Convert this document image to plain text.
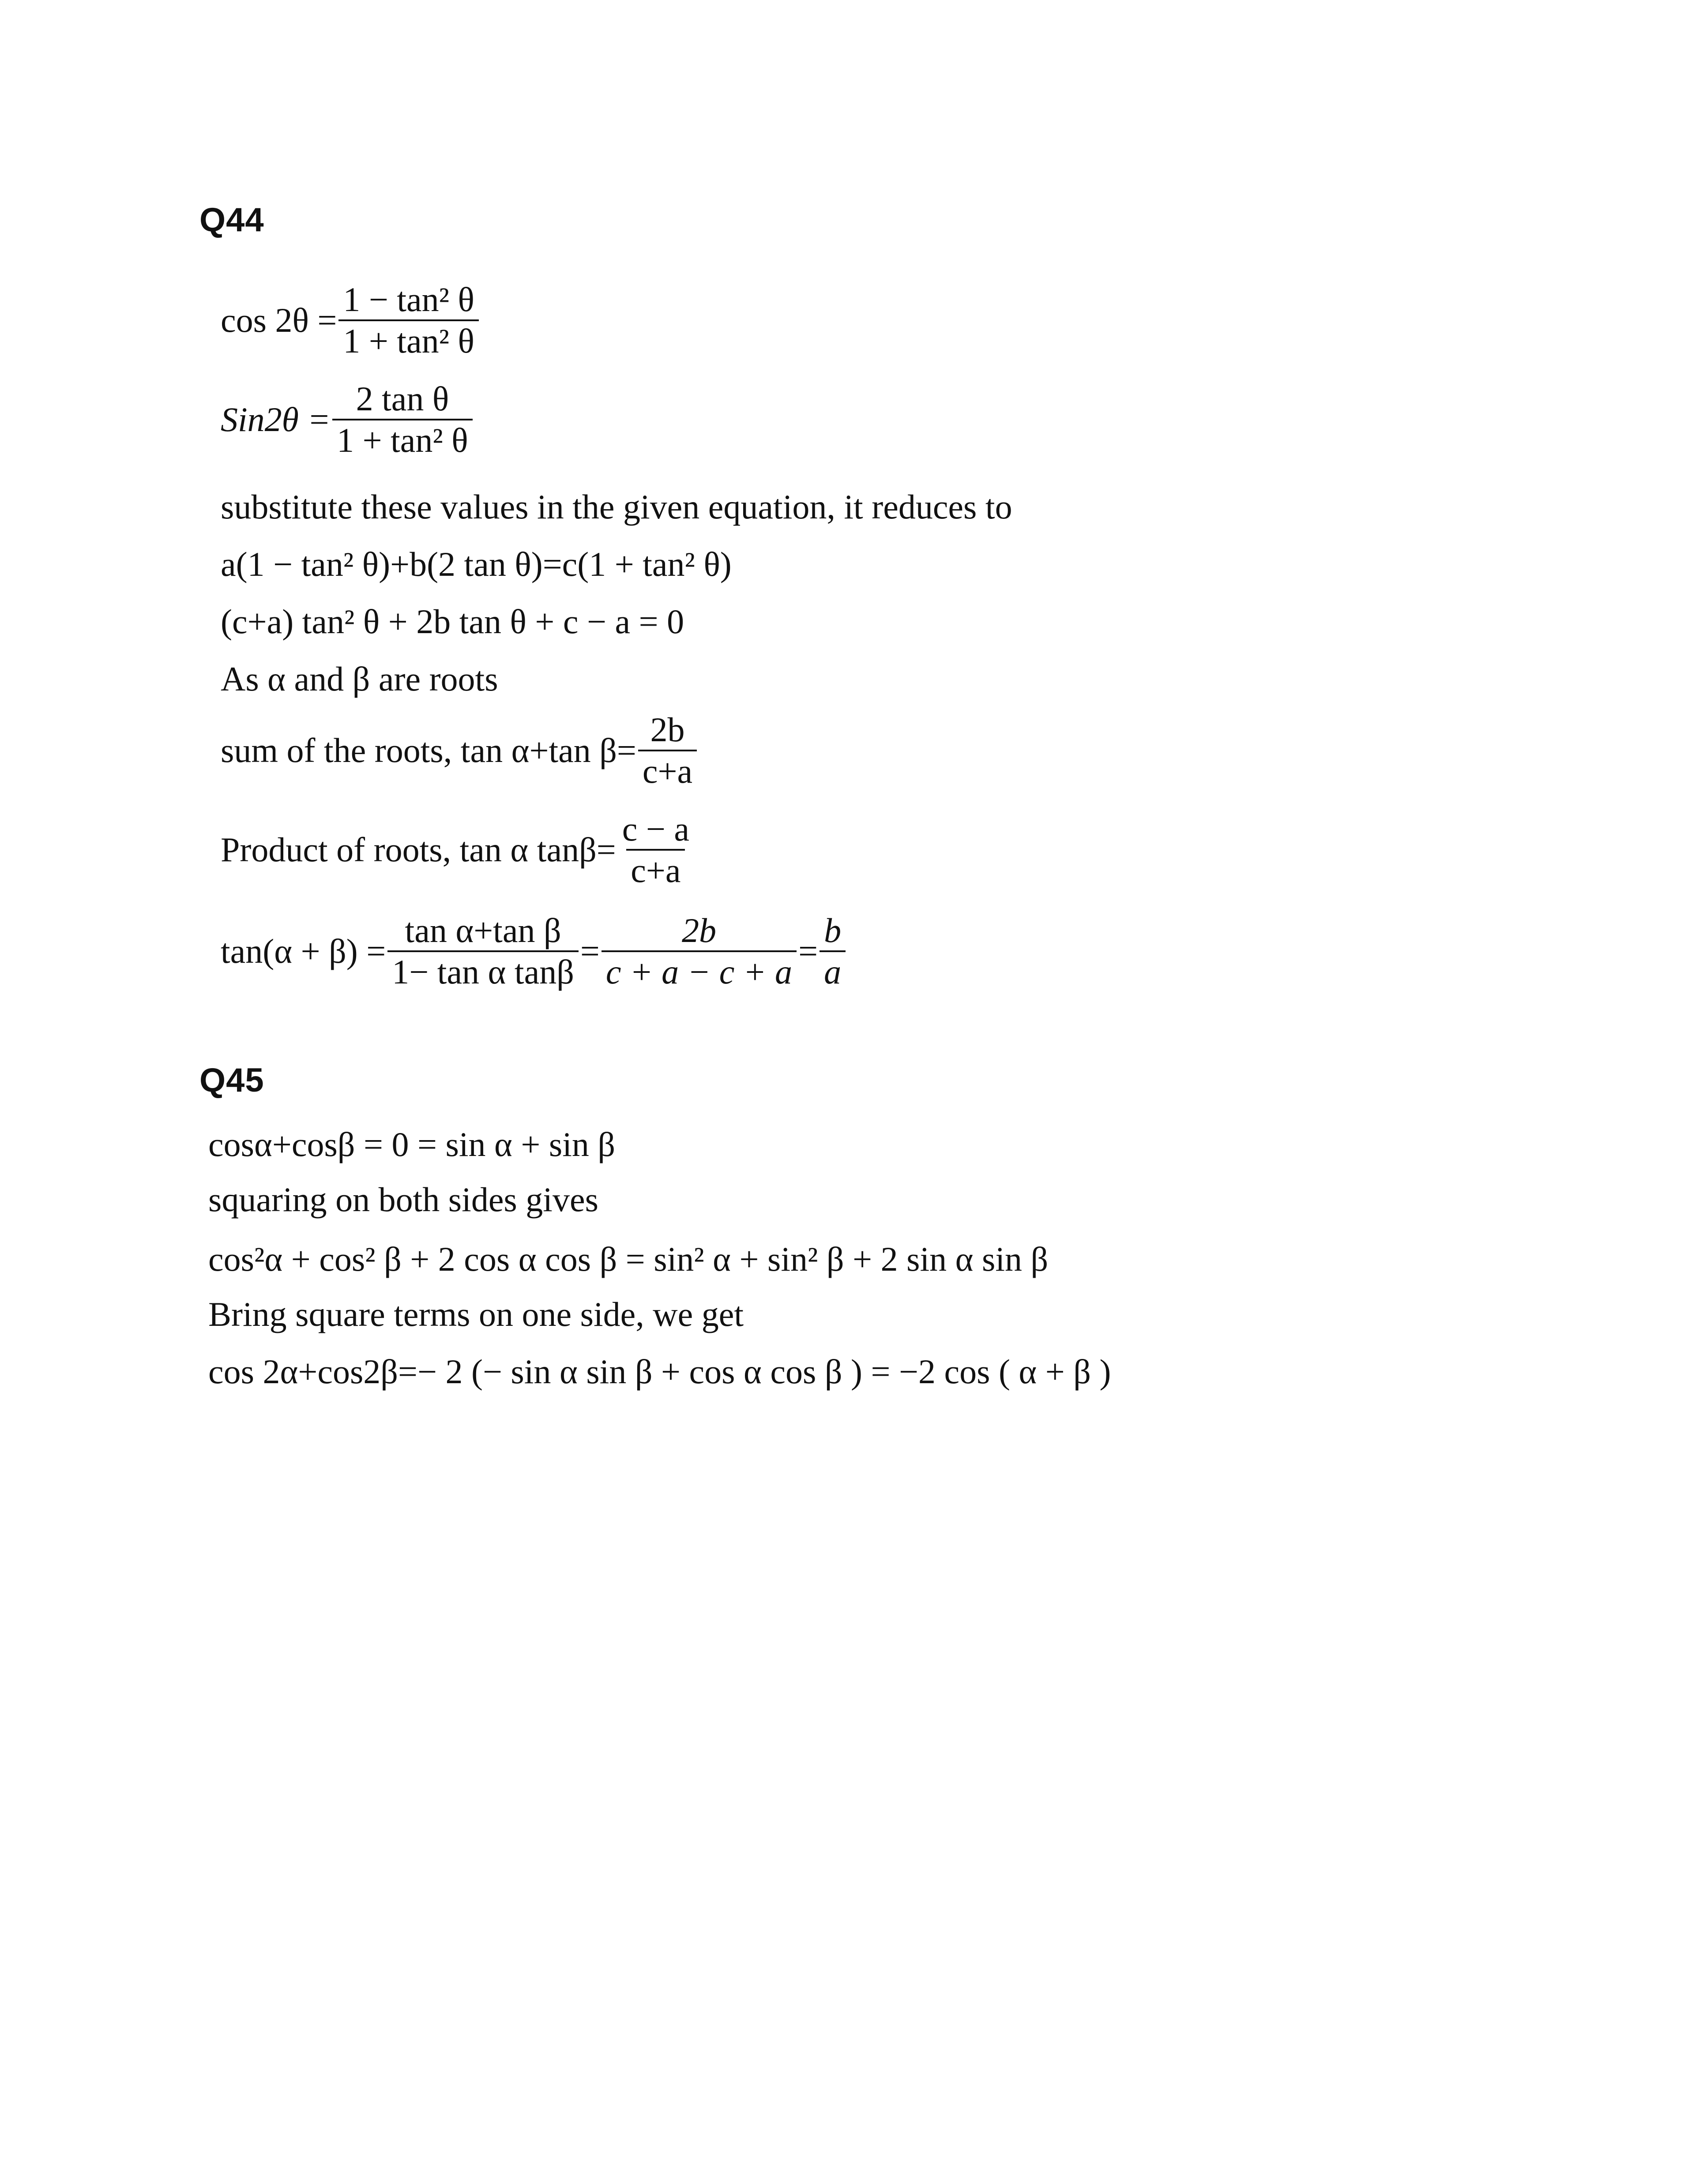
Q44
$\cos 2\theta = \frac{\text{1 − tan² θ}}{\text{1 + tan² θ}}$
$Sin2\theta = \frac{\text{2 tan θ}}{\text{1 + tan² θ}}$
substitute these values in the given equation, it reduces to
a(1 − tan² θ)+b(2 tan θ)=c(1 + tan² θ)
(c+a) tan² θ + 2b tan θ + c − a = 0
As α and β are roots
sum of the roots, tan α+tan $\beta= \frac{2b}{c+a}$
Product of roots, tan α $\tan\beta= \frac{c - a}{c+a}$
$\tan(\alpha + \beta) = \frac{\text{tan α+tan β}}{\text{1− tan α tanβ}} = \frac{2b}{c + a - c + a} = \frac{b}{a}$
Q45
cosα+cosβ = 0 = sin α + sin β
squaring on both sides gives
cos²α + cos² β + 2 cos α cos β = sin² α + sin² β + 2 sin α sin β
Bring square terms on one side, we get
cos 2α+cos2β=− 2 (− sin α sin β + cos α cos β ) = −2 cos ( α + β )
